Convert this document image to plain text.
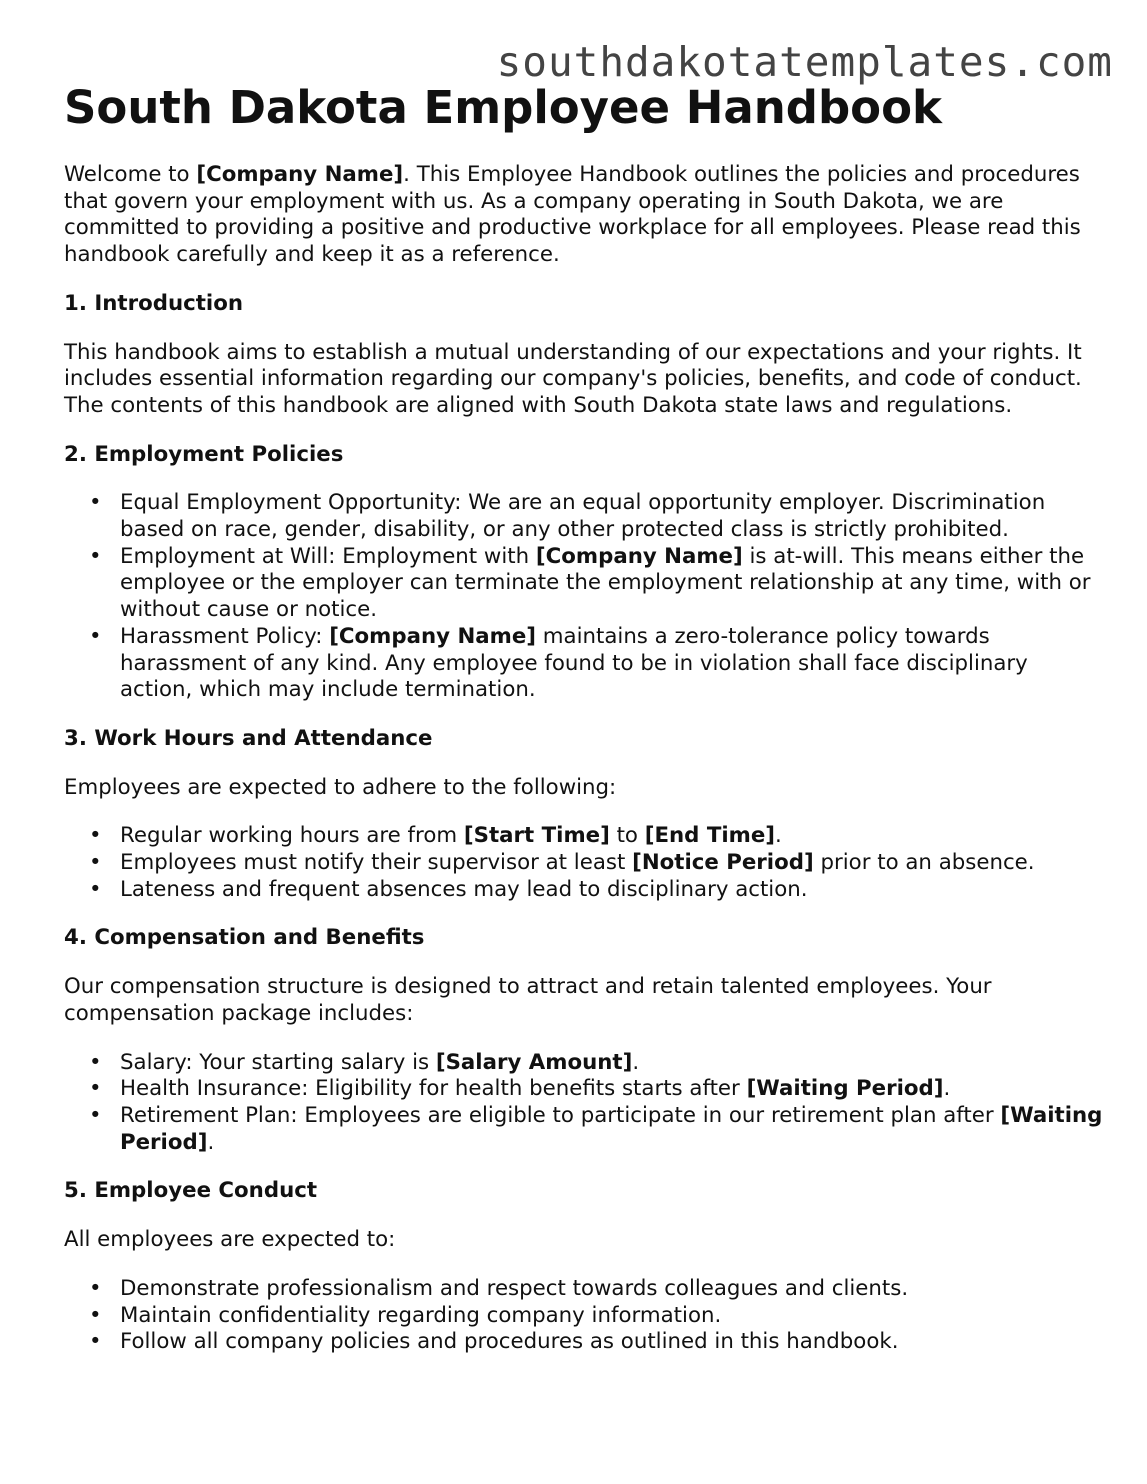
southdakotatemplates.com
South Dakota Employee Handbook

Welcome to [Company Name]. This Employee Handbook outlines the policies and procedures that govern your employment with us. As a company operating in South Dakota, we are committed to providing a positive and productive workplace for all employees. Please read this handbook carefully and keep it as a reference.

1. Introduction

This handbook aims to establish a mutual understanding of our expectations and your rights. It includes essential information regarding our company's policies, benefits, and code of conduct. The contents of this handbook are aligned with South Dakota state laws and regulations.

2. Employment Policies
• Equal Employment Opportunity: We are an equal opportunity employer. Discrimination based on race, gender, disability, or any other protected class is strictly prohibited.
• Employment at Will: Employment with [Company Name] is at-will. This means either the employee or the employer can terminate the employment relationship at any time, with or without cause or notice.
• Harassment Policy: [Company Name] maintains a zero-tolerance policy towards harassment of any kind. Any employee found to be in violation shall face disciplinary action, which may include termination.
3. Work Hours and Attendance

Employees are expected to adhere to the following:

• Regular working hours are from [Start Time] to [End Time].
• Employees must notify their supervisor at least [Notice Period] prior to an absence.
• Lateness and frequent absences may lead to disciplinary action.
4. Compensation and Benefits

Our compensation structure is designed to attract and retain talented employees. Your compensation package includes:

• Salary: Your starting salary is [Salary Amount].
• Health Insurance: Eligibility for health benefits starts after [Waiting Period].
• Retirement Plan: Employees are eligible to participate in our retirement plan after [Waiting Period].
5. Employee Conduct

All employees are expected to:

• Demonstrate professionalism and respect towards colleagues and clients.
• Maintain confidentiality regarding company information.
• Follow all company policies and procedures as outlined in this handbook.
